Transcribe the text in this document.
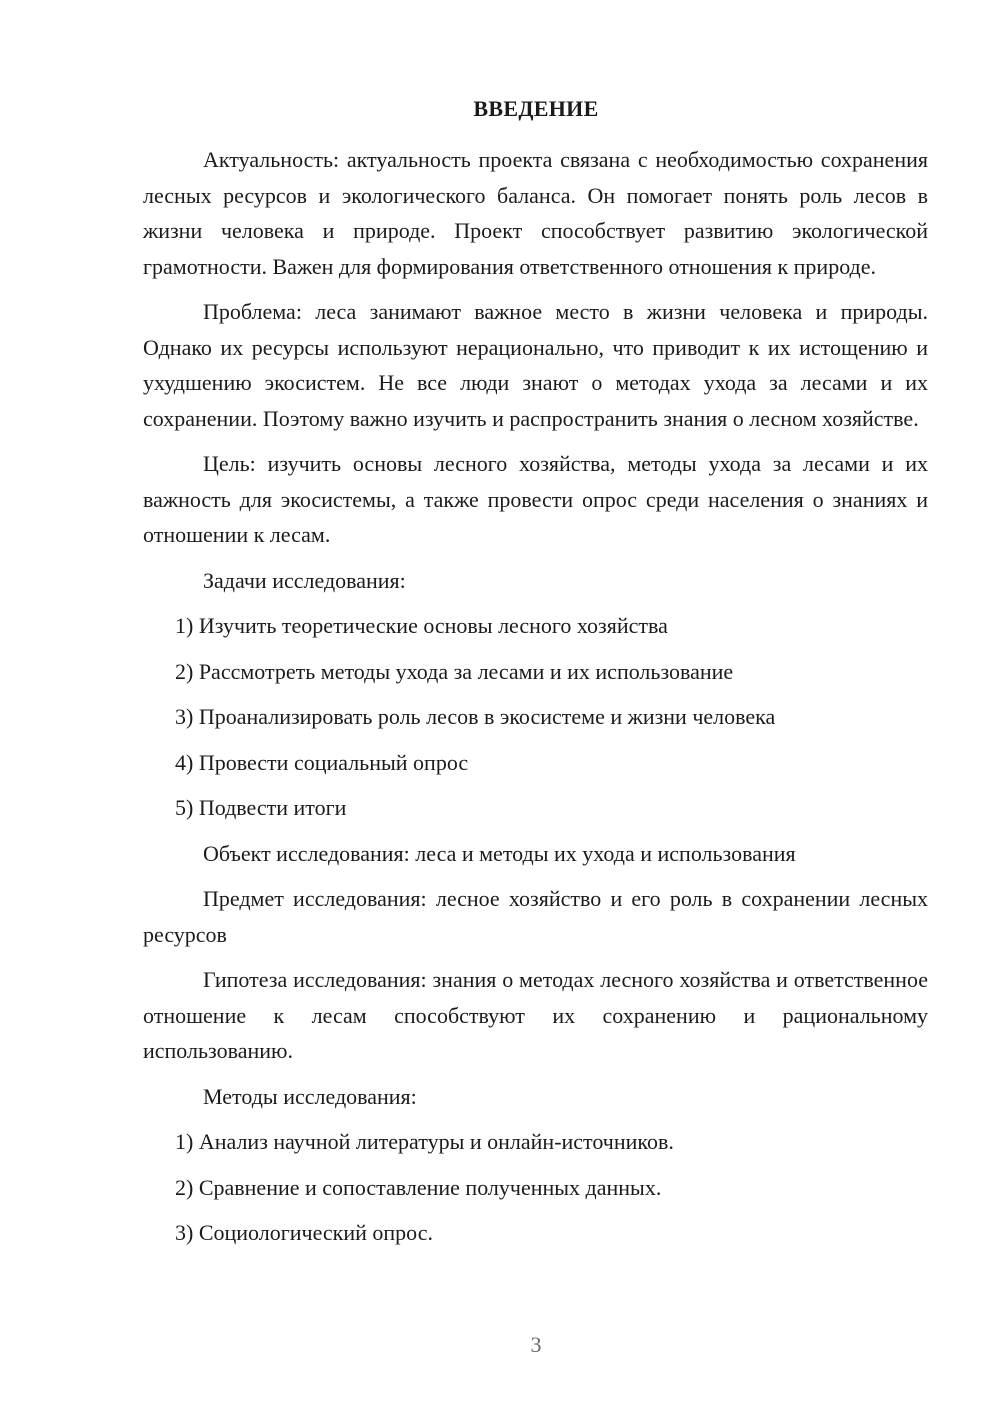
ВВЕДЕНИЕ

Актуальность: актуальность проекта связана с необходимостью сохранения лесных ресурсов и экологического баланса. Он помогает понять роль лесов в жизни человека и природе. Проект способствует развитию экологической грамотности. Важен для формирования ответственного отношения к природе.

Проблема: леса занимают важное место в жизни человека и природы. Однако их ресурсы используют нерационально, что приводит к их истощению и ухудшению экосистем. Не все люди знают о методах ухода за лесами и их сохранении. Поэтому важно изучить и распространить знания о лесном хозяйстве.

Цель: изучить основы лесного хозяйства, методы ухода за лесами и их важность для экосистемы, а также провести опрос среди населения о знаниях и отношении к лесам.

Задачи исследования:

1) Изучить теоретические основы лесного хозяйства

2) Рассмотреть методы ухода за лесами и их использование

3) Проанализировать роль лесов в экосистеме и жизни человека

4) Провести социальный опрос

5) Подвести итоги

Объект исследования: леса и методы их ухода и использования

Предмет исследования: лесное хозяйство и его роль в сохранении лесных ресурсов

Гипотеза исследования: знания о методах лесного хозяйства и ответственное отношение к лесам способствуют их сохранению и рациональному использованию.

Методы исследования:

1) Анализ научной литературы и онлайн-источников.

2) Сравнение и сопоставление полученных данных.

3) Социологический опрос.

3
